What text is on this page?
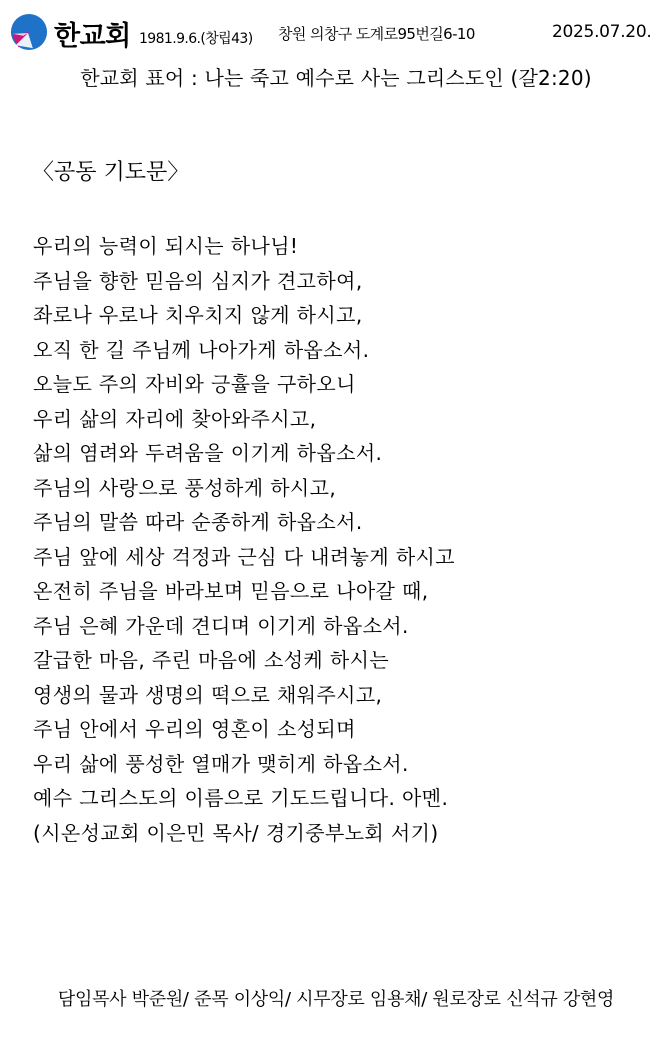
한교회 1981.9.6.(창립43) 창원 의창구 도계로95번길6-10	2025.07.20.
한교회 표어 : 나는 죽고 예수로 사는 그리스도인 (갈2:20)
〈공동 기도문〉
우리의 능력이 되시는 하나님!
주님을 향한 믿음의 심지가 견고하여,
좌로나 우로나 치우치지 않게 하시고,
오직 한 길 주님께 나아가게 하옵소서.
오늘도 주의 자비와 긍휼을 구하오니
우리 삶의 자리에 찾아와주시고,
삶의 염려와 두려움을 이기게 하옵소서.
주님의 사랑으로 풍성하게 하시고,
주님의 말씀 따라 순종하게 하옵소서.
주님 앞에 세상 걱정과 근심 다 내려놓게 하시고
온전히 주님을 바라보며 믿음으로 나아갈 때,
주님 은혜 가운데 견디며 이기게 하옵소서.
갈급한 마음, 주린 마음에 소성케 하시는
영생의 물과 생명의 떡으로 채워주시고,
주님 안에서 우리의 영혼이 소성되며
우리 삶에 풍성한 열매가 맺히게 하옵소서.
예수 그리스도의 이름으로 기도드립니다. 아멘.
(시온성교회 이은민 목사/ 경기중부노회 서기)
담임목사 박준원/ 준목 이상익/ 시무장로 임용채/ 원로장로 신석규 강현영
